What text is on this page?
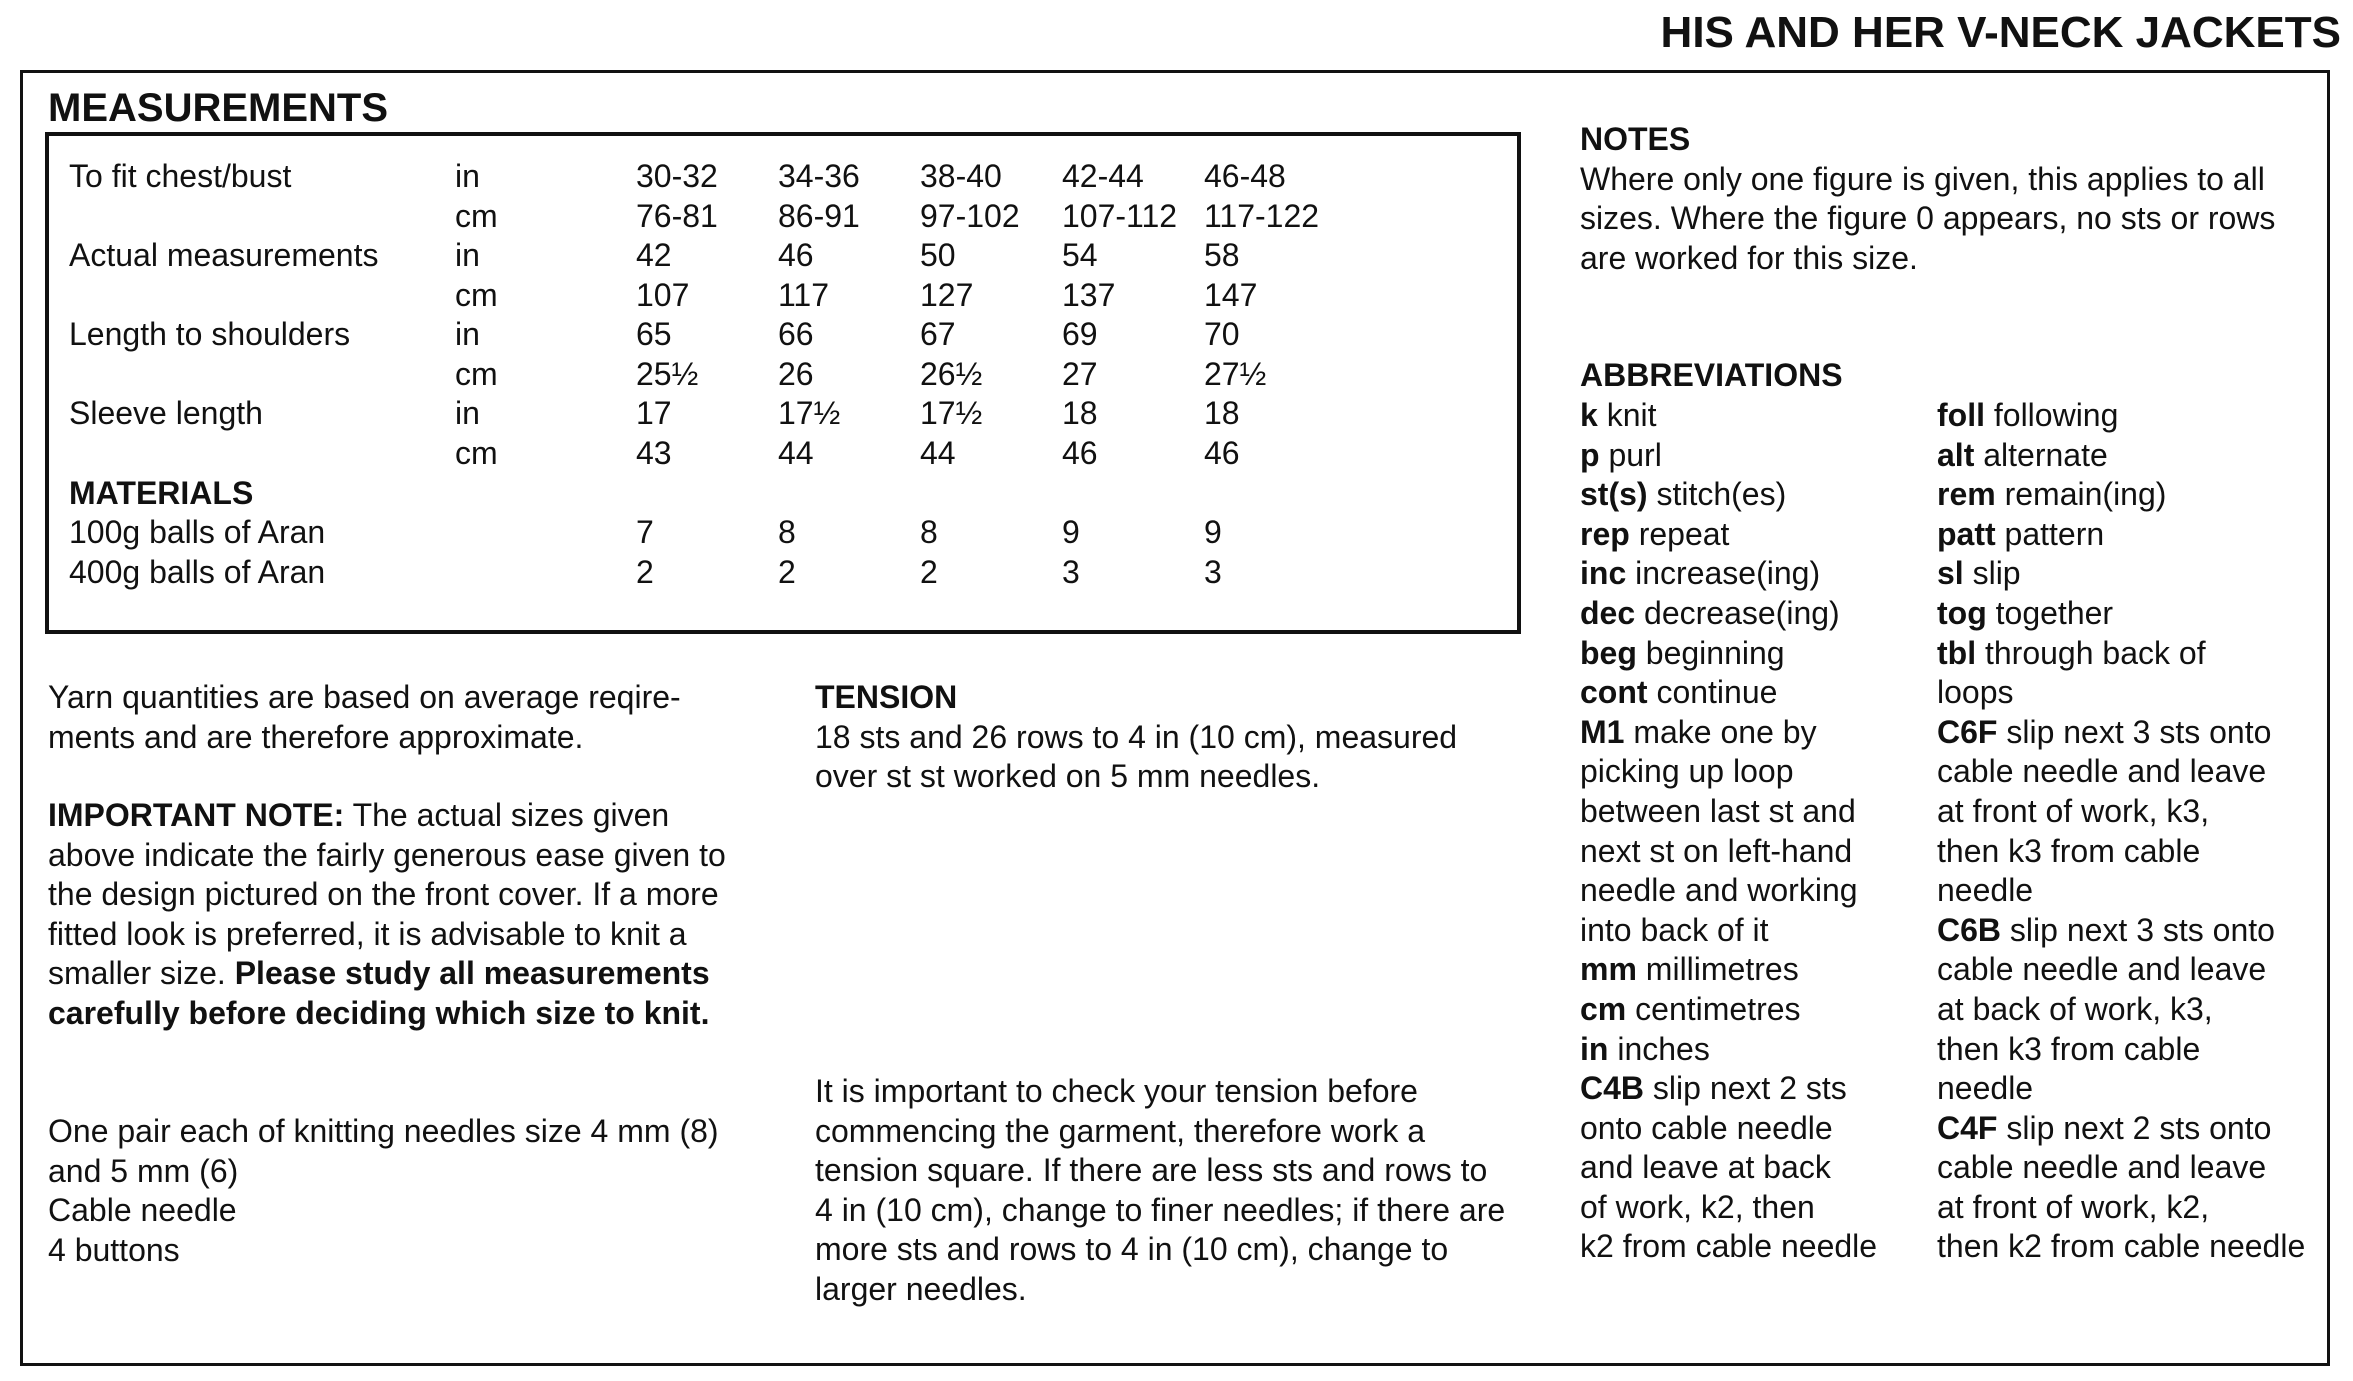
HIS AND HER V-NECK JACKETS
MEASUREMENTS
To fit chest/bust	in	30-32 34-36 38-40 42-44 46-48
cm	76-81 86-91 97-102 107-112 117-122
Actual measurements in	42	46	50	54	58
cm	107	117	127	137	147
Length to shoulders	in	65	66	67	69	70
cm	25½ 26	26½ 27	27½
Sleeve length	in	17	17½ 17½ 18	18
cm	43	44	44	46	46
MATERIALS
100g balls of Aran	7	8	8	9	9
400g balls of Aran	2	2	2	3	3
Yarn quantities are based on average reqire-
ments and are therefore approximate.
IMPORTANT NOTE: The actual sizes given
above indicate the fairly generous ease given to
the design pictured on the front cover. If a more
fitted look is preferred, it is advisable to knit a
smaller size. Please study all measurements
carefully before deciding which size to knit.
One pair each of knitting needles size 4 mm (8)
and 5 mm (6)
Cable needle
4 buttons
TENSION
18 sts and 26 rows to 4 in (10 cm), measured
over st st worked on 5 mm needles.
It is important to check your tension before
commencing the garment, therefore work a
tension square. If there are less sts and rows to
4 in (10 cm), change to finer needles; if there are
more sts and rows to 4 in (10 cm), change to
larger needles.
NOTES
Where only one figure is given, this applies to all
sizes. Where the figure 0 appears, no sts or rows
are worked for this size.
ABBREVIATIONS
k knit
p purl
st(s) stitch(es)
rep repeat
inc increase(ing)
dec decrease(ing)
beg beginning
cont continue
M1 make one by
picking up loop
between last st and
next st on left-hand
needle and working
into back of it
mm millimetres
cm centimetres
in inches
C4B slip next 2 sts
onto cable needle
and leave at back
of work, k2, then
k2 from cable needle
foll following
alt alternate
rem remain(ing)
patt pattern
sl slip
tog together
tbl through back of
loops
C6F slip next 3 sts onto
cable needle and leave
at front of work, k3,
then k3 from cable
needle
C6B slip next 3 sts onto
cable needle and leave
at back of work, k3,
then k3 from cable
needle
C4F slip next 2 sts onto
cable needle and leave
at front of work, k2,
then k2 from cable needle
